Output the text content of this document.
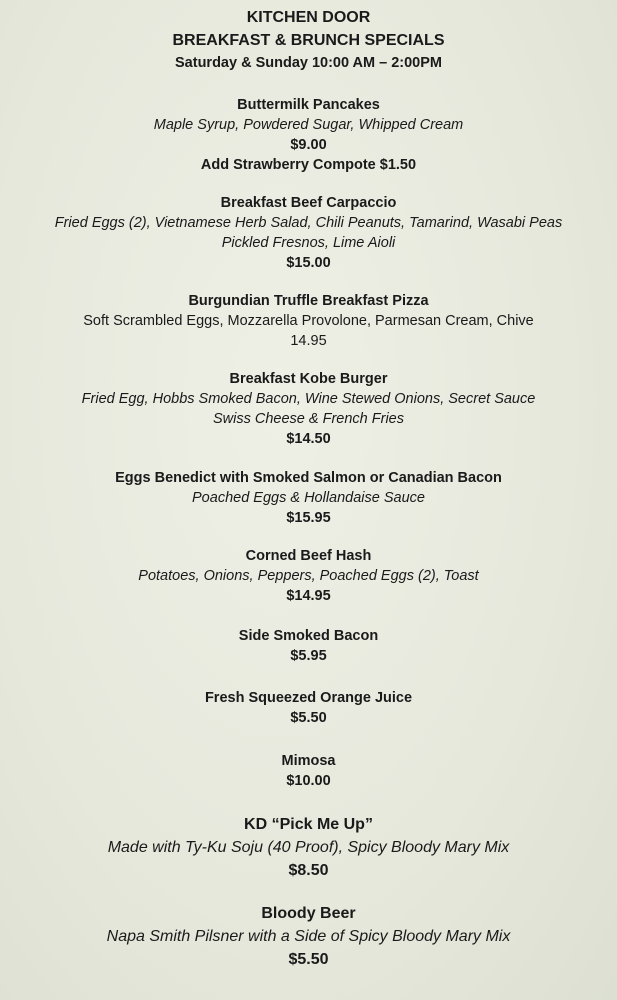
KITCHEN DOOR
BREAKFAST & BRUNCH SPECIALS
Saturday & Sunday 10:00 AM – 2:00PM
Buttermilk Pancakes
Maple Syrup, Powdered Sugar, Whipped Cream
$9.00
Add Strawberry Compote $1.50
Breakfast Beef Carpaccio
Fried Eggs (2), Vietnamese Herb Salad, Chili Peanuts, Tamarind, Wasabi Peas
Pickled Fresnos, Lime Aioli
$15.00
Burgundian Truffle Breakfast Pizza
Soft Scrambled Eggs, Mozzarella Provolone, Parmesan Cream, Chive
14.95
Breakfast Kobe Burger
Fried Egg, Hobbs Smoked Bacon, Wine Stewed Onions, Secret Sauce
Swiss Cheese & French Fries
$14.50
Eggs Benedict with Smoked Salmon or Canadian Bacon
Poached Eggs & Hollandaise Sauce
$15.95
Corned Beef Hash
Potatoes, Onions, Peppers, Poached Eggs (2), Toast
$14.95
Side Smoked Bacon
$5.95
Fresh Squeezed Orange Juice
$5.50
Mimosa
$10.00
KD “Pick Me Up”
Made with Ty-Ku Soju (40 Proof), Spicy Bloody Mary Mix
$8.50
Bloody Beer
Napa Smith Pilsner with a Side of Spicy Bloody Mary Mix
$5.50
